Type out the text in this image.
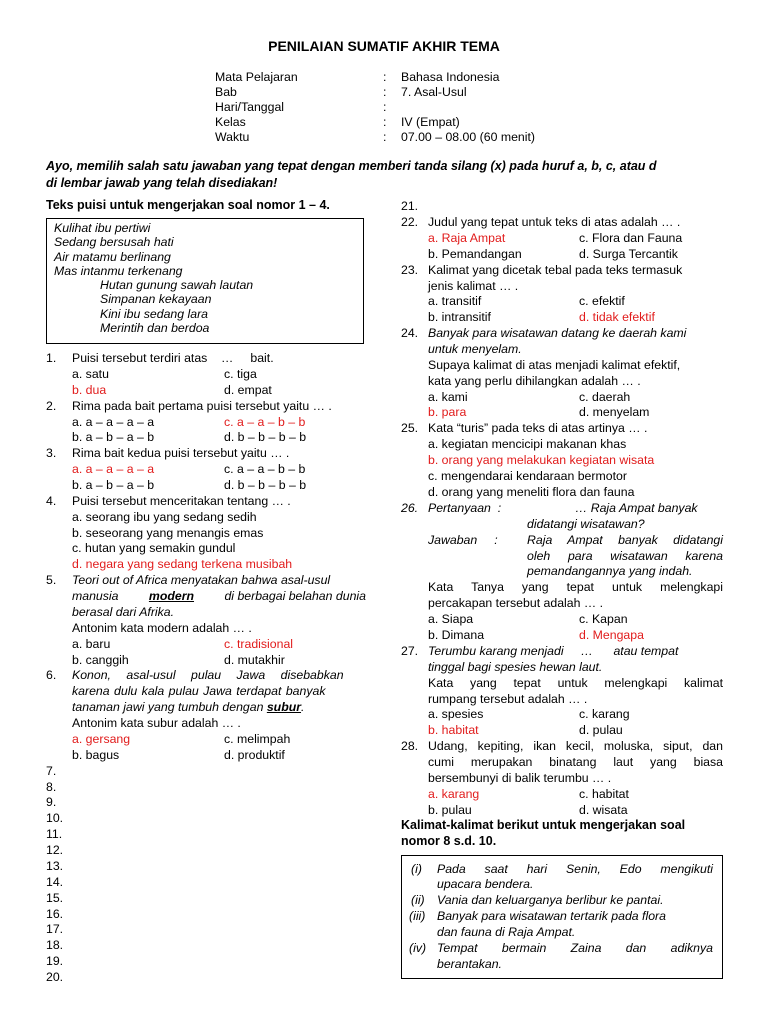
PENILAIAN SUMATIF AKHIR TEMA
Mata Pelajaran	: Bahasa Indonesia
Bab	: 7. Asal-Usul
Hari/Tanggal	:
Kelas	: IV (Empat)
Waktu	: 07.00 – 08.00 (60 menit)
Ayo, memilih salah satu jawaban yang tepat dengan memberi tanda silang (x) pada huruf a, b, c, atau d
di lembar jawab yang telah disediakan!
Teks puisi untuk mengerjakan soal nomor 1 – 4.
Kulihat ibu pertiwi
Sedang bersusah hati
Air matamu berlinang
Mas intanmu terkenang
Hutan gunung sawah lautan
Simpanan kekayaan
Kini ibu sedang lara
Merintih dan berdoa
1. Puisi tersebut terdiri atas    …     bait.
a. satu	c. tiga
b. dua	d. empat
2. Rima pada bait pertama puisi tersebut yaitu … .
a. a – a – a – a	c. a – a – b – b
b. a – b – a – b	d. b – b – b – b
3. Rima bait kedua puisi tersebut yaitu … .
a. a – a – a – a	c. a – a – b – b
b. a – b – a – b	d. b – b – b – b
4. Puisi tersebut menceritakan tentang … .
a. seorang ibu yang sedang sedih
b. seseorang yang menangis emas
c. hutan yang semakin gundul
d. negara yang sedang terkena musibah
5. Teori out of Africa menyatakan bahwa asal-usul
manusia modern di berbagai belahan dunia
berasal dari Afrika.
Antonim kata modern adalah … .
a. baru	c. tradisional
b. canggih	d. mutakhir
6. Konon, asal-usul pulau Jawa disebabkan
karena dulu kala pulau Jawa terdapat banyak
tanaman jawi yang tumbuh dengan subur.
Antonim kata subur adalah … .
a. gersang	c. melimpah
b. bagus	d. produktif
7.
8.
9.
10.
11.
12.
13.
14.
15.
16.
17.
18.
19.
20.
21.
22. Judul yang tepat untuk teks di atas adalah … .
a. Raja Ampat	c. Flora dan Fauna
b. Pemandangan	d. Surga Tercantik
23. Kalimat yang dicetak tebal pada teks termasuk
jenis kalimat … .
a. transitif	c. efektif
b. intransitif	d. tidak efektif
24. Banyak para wisatawan datang ke daerah kami
untuk menyelam.
Supaya kalimat di atas menjadi kalimat efektif,
kata yang perlu dihilangkan adalah … .
a. kami	c. daerah
b. para	d. menyelam
25. Kata “turis” pada teks di atas artinya … .
a. kegiatan mencicipi makanan khas
b. orang yang melakukan kegiatan wisata
c. mengendarai kendaraan bermotor
d. orang yang meneliti flora dan fauna
26. Pertanyaan  :	… Raja Ampat banyak
didatangi wisatawan?
Jawaban     : Raja Ampat banyak didatangi
oleh para wisatawan karena
pemandangannya yang indah.
Kata Tanya yang tepat untuk melengkapi
percakapan tersebut adalah … .
a. Siapa	c. Kapan
b. Dimana	d. Mengapa
27. Terumbu karang menjadi     …      atau tempat
tinggal bagi spesies hewan laut.
Kata yang tepat untuk melengkapi kalimat
rumpang tersebut adalah … .
a. spesies	c. karang
b. habitat	d. pulau
28. Udang, kepiting, ikan kecil, moluska, siput, dan
cumi merupakan binatang laut yang biasa
bersembunyi di balik terumbu … .
a. karang	c. habitat
b. pulau	d. wisata
Kalimat-kalimat berikut untuk mengerjakan soal
nomor 8 s.d. 10.
(i) Pada saat hari Senin, Edo mengikuti
upacara bendera.
(ii) Vania dan keluarganya berlibur ke pantai.
(iii) Banyak para wisatawan tertarik pada flora
dan fauna di Raja Ampat.
(iv) Tempat bermain Zaina dan adiknya
berantakan.
